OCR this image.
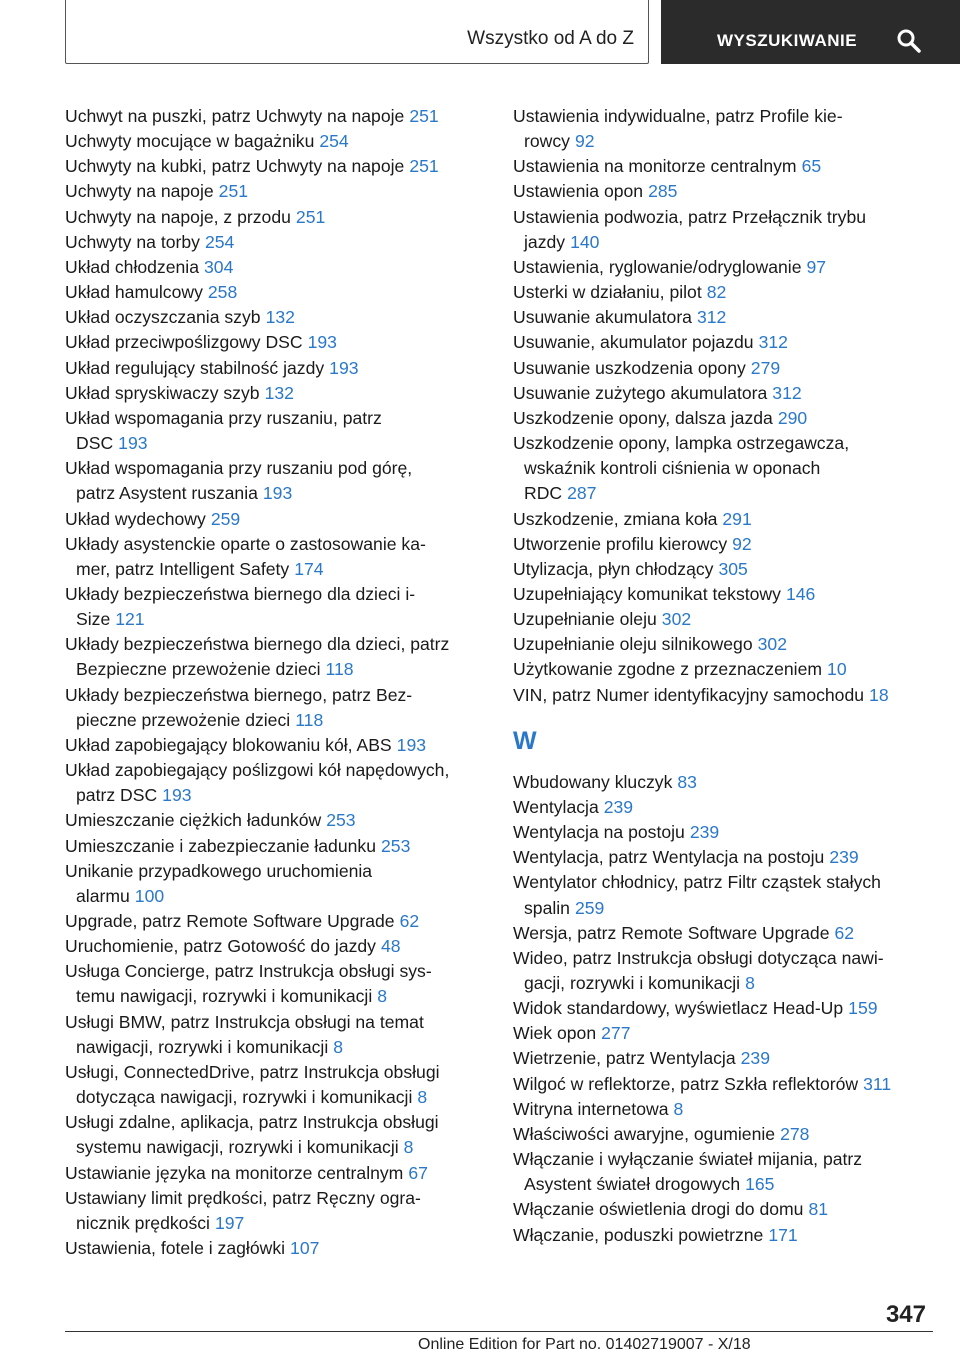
Wszystko od A do Z	WYSZUKIWANIE
Uchwyt na puszki, patrz Uchwyty na napoje 251
Uchwyty mocujące w bagażniku 254
Uchwyty na kubki, patrz Uchwyty na napoje 251
Uchwyty na napoje 251
Uchwyty na napoje, z przodu 251
Uchwyty na torby 254
Układ chłodzenia 304
Układ hamulcowy 258
Układ oczyszczania szyb 132
Układ przeciwpoślizgowy DSC 193
Układ regulujący stabilność jazdy 193
Układ spryskiwaczy szyb 132
Układ wspomagania przy ruszaniu, patrz
DSC 193
Układ wspomagania przy ruszaniu pod górę,
patrz Asystent ruszania 193
Układ wydechowy 259
Układy asystenckie oparte o zastosowanie ka-
mer, patrz Intelligent Safety 174
Układy bezpieczeństwa biernego dla dzieci i-
Size 121
Układy bezpieczeństwa biernego dla dzieci, patrz
Bezpieczne przewożenie dzieci 118
Układy bezpieczeństwa biernego, patrz Bez-
pieczne przewożenie dzieci 118
Układ zapobiegający blokowaniu kół, ABS 193
Układ zapobiegający poślizgowi kół napędowych,
patrz DSC 193
Umieszczanie ciężkich ładunków 253
Umieszczanie i zabezpieczanie ładunku 253
Unikanie przypadkowego uruchomienia
alarmu 100
Upgrade, patrz Remote Software Upgrade 62
Uruchomienie, patrz Gotowość do jazdy 48
Usługa Concierge, patrz Instrukcja obsługi sys-
temu nawigacji, rozrywki i komunikacji 8
Usługi BMW, patrz Instrukcja obsługi na temat
nawigacji, rozrywki i komunikacji 8
Usługi, ConnectedDrive, patrz Instrukcja obsługi
dotycząca nawigacji, rozrywki i komunikacji 8
Usługi zdalne, aplikacja, patrz Instrukcja obsługi
systemu nawigacji, rozrywki i komunikacji 8
Ustawianie języka na monitorze centralnym 67
Ustawiany limit prędkości, patrz Ręczny ogra-
nicznik prędkości 197
Ustawienia, fotele i zagłówki 107
Ustawienia indywidualne, patrz Profile kie-
rowcy 92
Ustawienia na monitorze centralnym 65
Ustawienia opon 285
Ustawienia podwozia, patrz Przełącznik trybu
jazdy 140
Ustawienia, ryglowanie/odryglowanie 97
Usterki w działaniu, pilot 82
Usuwanie akumulatora 312
Usuwanie, akumulator pojazdu 312
Usuwanie uszkodzenia opony 279
Usuwanie zużytego akumulatora 312
Uszkodzenie opony, dalsza jazda 290
Uszkodzenie opony, lampka ostrzegawcza,
wskaźnik kontroli ciśnienia w oponach
RDC 287
Uszkodzenie, zmiana koła 291
Utworzenie profilu kierowcy 92
Utylizacja, płyn chłodzący 305
Uzupełniający komunikat tekstowy 146
Uzupełnianie oleju 302
Uzupełnianie oleju silnikowego 302
Użytkowanie zgodne z przeznaczeniem 10
VIN, patrz Numer identyfikacyjny samochodu 18
W
Wbudowany kluczyk 83
Wentylacja 239
Wentylacja na postoju 239
Wentylacja, patrz Wentylacja na postoju 239
Wentylator chłodnicy, patrz Filtr cząstek stałych
spalin 259
Wersja, patrz Remote Software Upgrade 62
Wideo, patrz Instrukcja obsługi dotycząca nawi-
gacji, rozrywki i komunikacji 8
Widok standardowy, wyświetlacz Head-Up 159
Wiek opon 277
Wietrzenie, patrz Wentylacja 239
Wilgoć w reflektorze, patrz Szkła reflektorów 311
Witryna internetowa 8
Właściwości awaryjne, ogumienie 278
Włączanie i wyłączanie świateł mijania, patrz
Asystent świateł drogowych 165
Włączanie oświetlenia drogi do domu 81
Włączanie, poduszki powietrzne 171
347
Online Edition for Part no. 01402719007 - X/18
